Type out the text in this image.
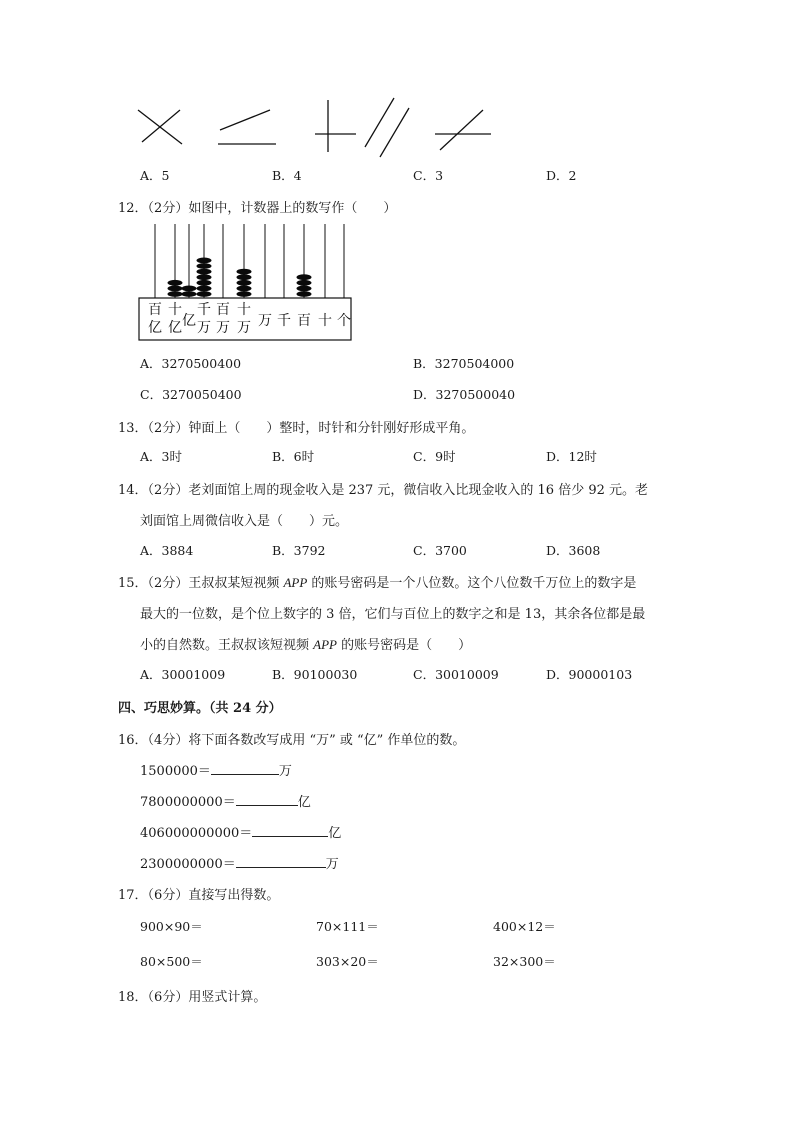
A．5	B．4	C．3	D．2
12．（2分）如图中，计数器上的数写作（　　）
百
亿
十
亿 亿
千
万
百
万
十
万 万 千 百 十 个
A．3270500400	B．3270504000
C．3270050400	D．3270500040
13．（2分）钟面上（　　）整时，时针和分针刚好形成平角。
A．3时	B．6时	C．9时	D．12时
14．（2分）老刘面馆上周的现金收入是 237 元，微信收入比现金收入的 16 倍少 92 元。老
刘面馆上周微信收入是（　　）元。
A．3884	B．3792	C．3700	D．3608
15．（2分）王叔叔某短视频 APP 的账号密码是一个八位数。这个八位数千万位上的数字是
最大的一位数，是个位上数字的 3 倍，它们与百位上的数字之和是 13，其余各位都是最
小的自然数。王叔叔该短视频 APP 的账号密码是（　　）
A．30001009	B．90100030	C．30010009	D．90000103
四、巧思妙算。（共 24 分）
16．（4分）将下面各数改写成用 “万” 或 “亿” 作单位的数。
1500000＝	万
7800000000＝	亿
406000000000＝	亿
2300000000＝	万
17．（6分）直接写出得数。
900×90＝	70×111＝	400×12＝
80×500＝	303×20＝	32×300＝
18．（6分）用竖式计算。
